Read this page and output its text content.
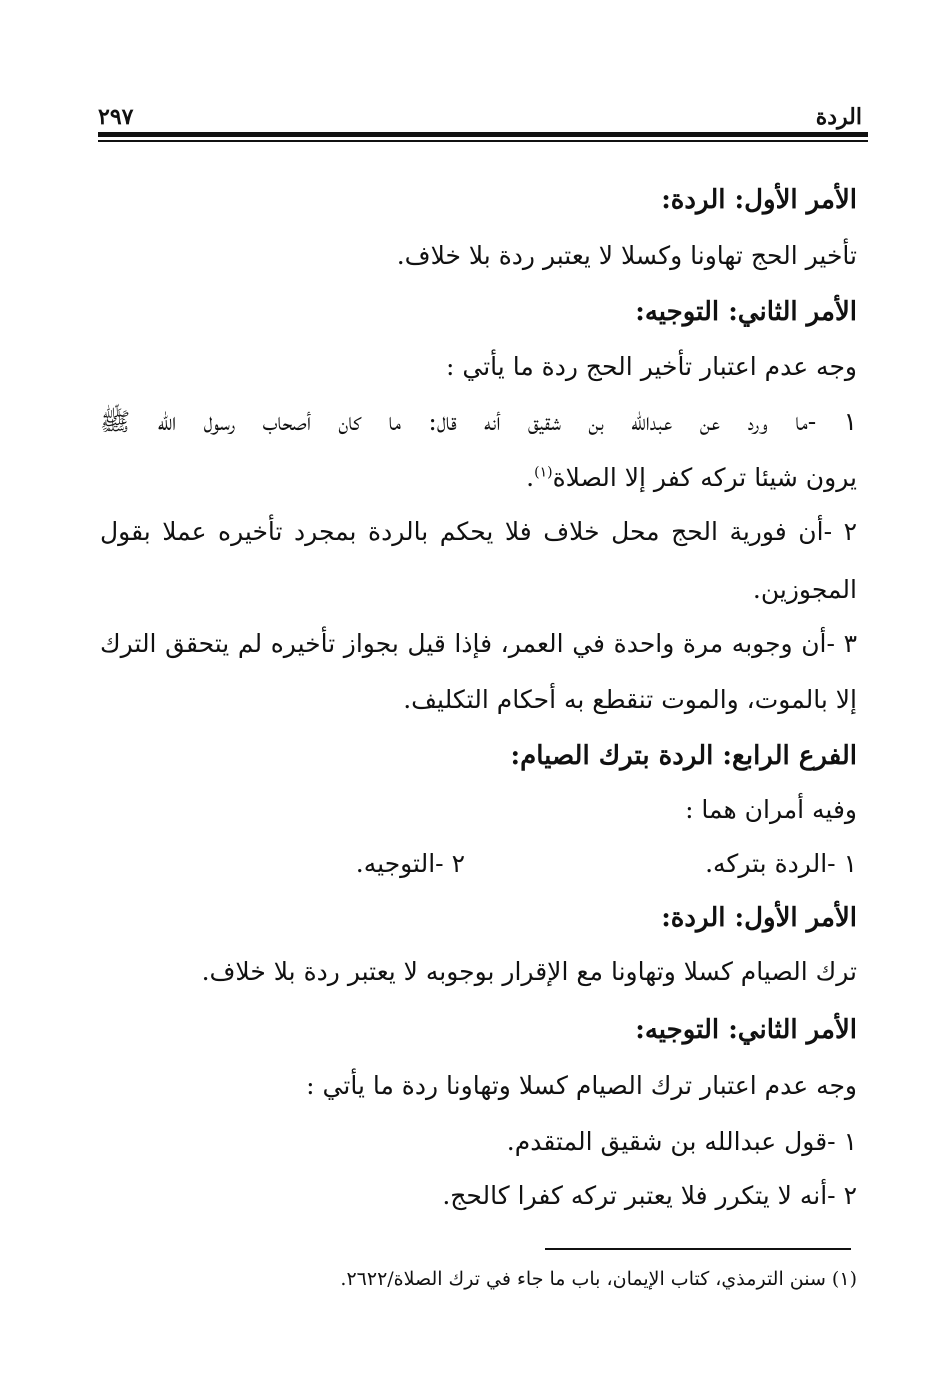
الردة
٢٩٧
الأمر الأول: الردة:
تأخير الحج تهاونا وكسلا لا يعتبر ردة بلا خلاف.
الأمر الثاني: التوجيه:
وجه عدم اعتبار تأخير الحج ردة ما يأتي :
١ -ما ورد عن عبدالله بن شقيق أنه قال: ما كان أصحاب رسول الله ﷺ
يرون شيئا تركه كفر إلا الصلاة$^{(١)}$.
٢ -أن فورية الحج محل خلاف فلا يحكم بالردة بمجرد تأخيره عملا بقول
المجوزين.
٣ -أن وجوبه مرة واحدة في العمر، فإذا قيل بجواز تأخيره لم يتحقق الترك
إلا بالموت، والموت تنقطع به أحكام التكليف.
الفرع الرابع: الردة بترك الصيام:
وفيه أمران هما :
١ -الردة بتركه.
٢ -التوجيه.
الأمر الأول: الردة:
ترك الصيام كسلا وتهاونا مع الإقرار بوجوبه لا يعتبر ردة بلا خلاف.
الأمر الثاني: التوجيه:
وجه عدم اعتبار ترك الصيام كسلا وتهاونا ردة ما يأتي :
١ -قول عبدالله بن شقيق المتقدم.
٢ -أنه لا يتكرر فلا يعتبر تركه كفرا كالحج.
(١) سنن الترمذي، كتاب الإيمان، باب ما جاء في ترك الصلاة/٢٦٢٢.
